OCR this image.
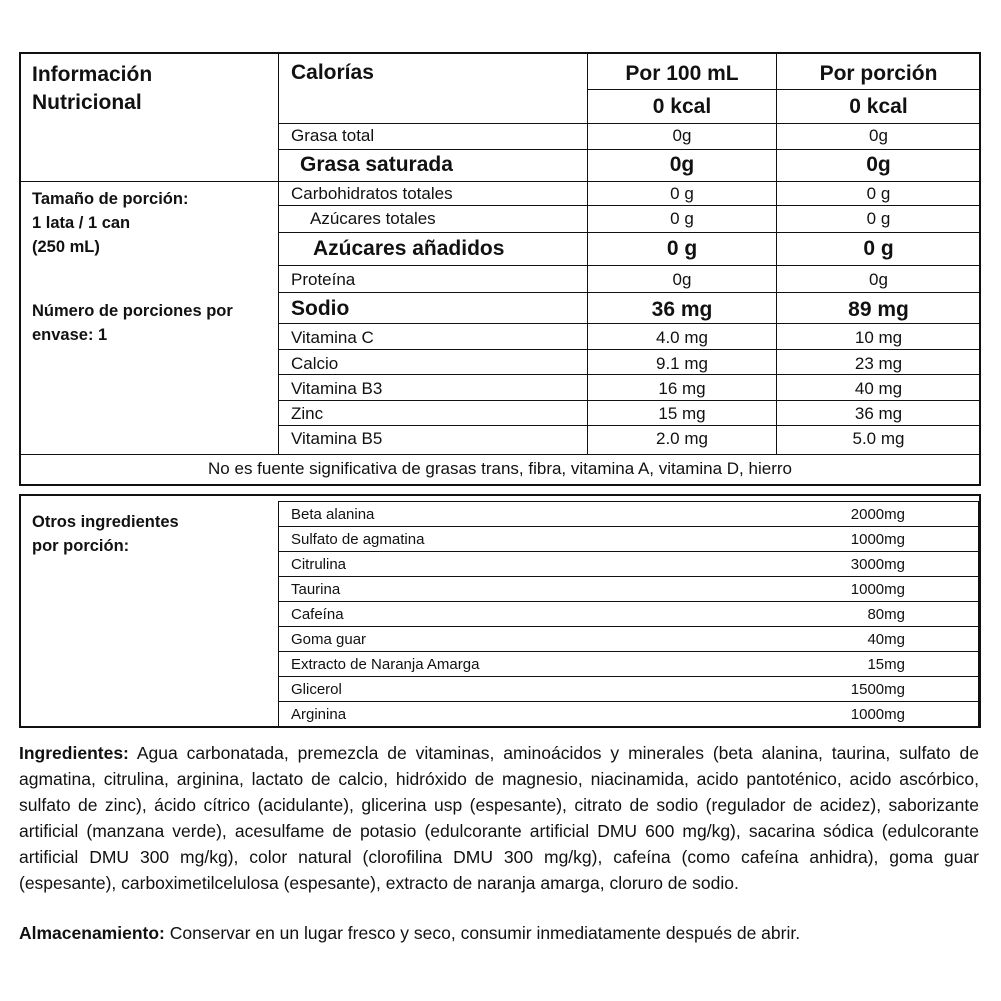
Información
Nutricional
Tamaño de porción:
1 lata / 1 can
(250 mL)
Número de porciones por
envase: 1
Calorías	Por 100 mL	Por porción
0 kcal	0 kcal
Grasa total	0g	0g
Grasa saturada	0g	0g
Carbohidratos totales	0 g	0 g
Azúcares totales	0 g	0 g
Azúcares añadidos	0 g	0 g
Proteína	0g	0g
Sodio	36 mg	89 mg
Vitamina C	4.0 mg	10 mg
Calcio	9.1 mg	23 mg
Vitamina B3	16 mg	40 mg
Zinc	15 mg	36 mg
Vitamina B5	2.0 mg	5.0 mg
No es fuente significativa de grasas trans, fibra, vitamina A, vitamina D, hierro
Otros ingredientes
por porción:
Beta alanina	2000mg
Sulfato de agmatina	1000mg
Citrulina	3000mg
Taurina	1000mg
Cafeína	80mg
Goma guar	40mg
Extracto de Naranja Amarga	15mg
Glicerol	1500mg
Arginina	1000mg

Ingredientes: Agua carbonatada, premezcla de vitaminas, aminoácidos y minerales (beta alanina, taurina, sulfato de agmatina, citrulina, arginina, lactato de calcio, hidróxido de magnesio, niacinamida, acido pantoténico, acido ascórbico, sulfato de zinc), ácido cítrico (acidulante), glicerina usp (espesante), citrato de sodio (regulador de acidez), saborizante artificial (manzana verde), acesulfame de potasio (edulcorante artificial DMU 600 mg/kg), sacarina sódica (edulcorante artificial DMU 300 mg/kg), color natural (clorofilina DMU 300 mg/kg), cafeína (como cafeína anhidra), goma guar (espesante), carboximetilcelulosa (espesante), extracto de naranja amarga, cloruro de sodio.

Almacenamiento: Conservar en un lugar fresco y seco, consumir inmediatamente después de abrir.
